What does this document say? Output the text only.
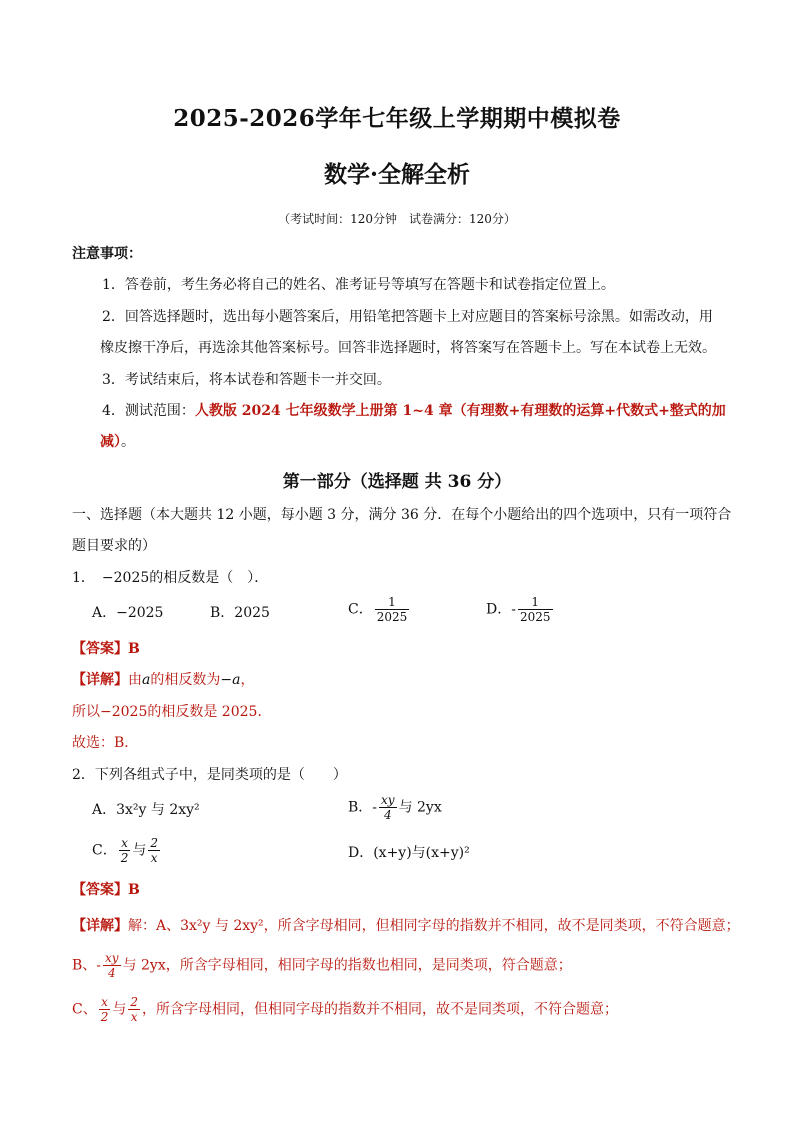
2025-2026学年七年级上学期期中模拟卷
数学·全解全析
（考试时间：120分钟　试卷满分：120分）
注意事项：
1．答卷前，考生务必将自己的姓名、准考证号等填写在答题卡和试卷指定位置上。
2．回答选择题时，选出每小题答案后，用铅笔把答题卡上对应题目的答案标号涂黑。如需改动，用
橡皮擦干净后，再选涂其他答案标号。回答非选择题时，将答案写在答题卡上。写在本试卷上无效。
3．考试结束后，将本试卷和答题卡一并交回。
4．测试范围：人教版 2024 七年级数学上册第 1~4 章（有理数+有理数的运算+代数式+整式的加
减）。
第一部分（选择题 共 36 分）
一、选择题（本大题共 12 小题，每小题 3 分，满分 36 分．在每个小题给出的四个选项中，只有一项符合
题目要求的）
1．　−2025的相反数是（　）．
A．−2025	B．2025	C． $\frac{1}{2025}$	D．- $\frac{1}{2025}$
【答案】B
【详解】由a的相反数为−a，
所以−2025的相反数是 2025．
故选：B．
2．下列各组式子中，是同类项的是（　　）
A．3x²y 与 2xy²	B．- $\frac{xy}{4}$ 与 2yx
C． $\frac{x}{2}$ 与 $\frac{2}{x}$	D．(x+y)与(x+y)²
【答案】B
【详解】解：A、3x²y 与 2xy²，所含字母相同，但相同字母的指数并不相同，故不是同类项，不符合题意；
B、- $\frac{xy}{4}$ 与 2yx，所含字母相同，相同字母的指数也相同，是同类项，符合题意；
C、 $\frac{x}{2}$ 与 $\frac{2}{x}$ ，所含字母相同，但相同字母的指数并不相同，故不是同类项，不符合题意；
